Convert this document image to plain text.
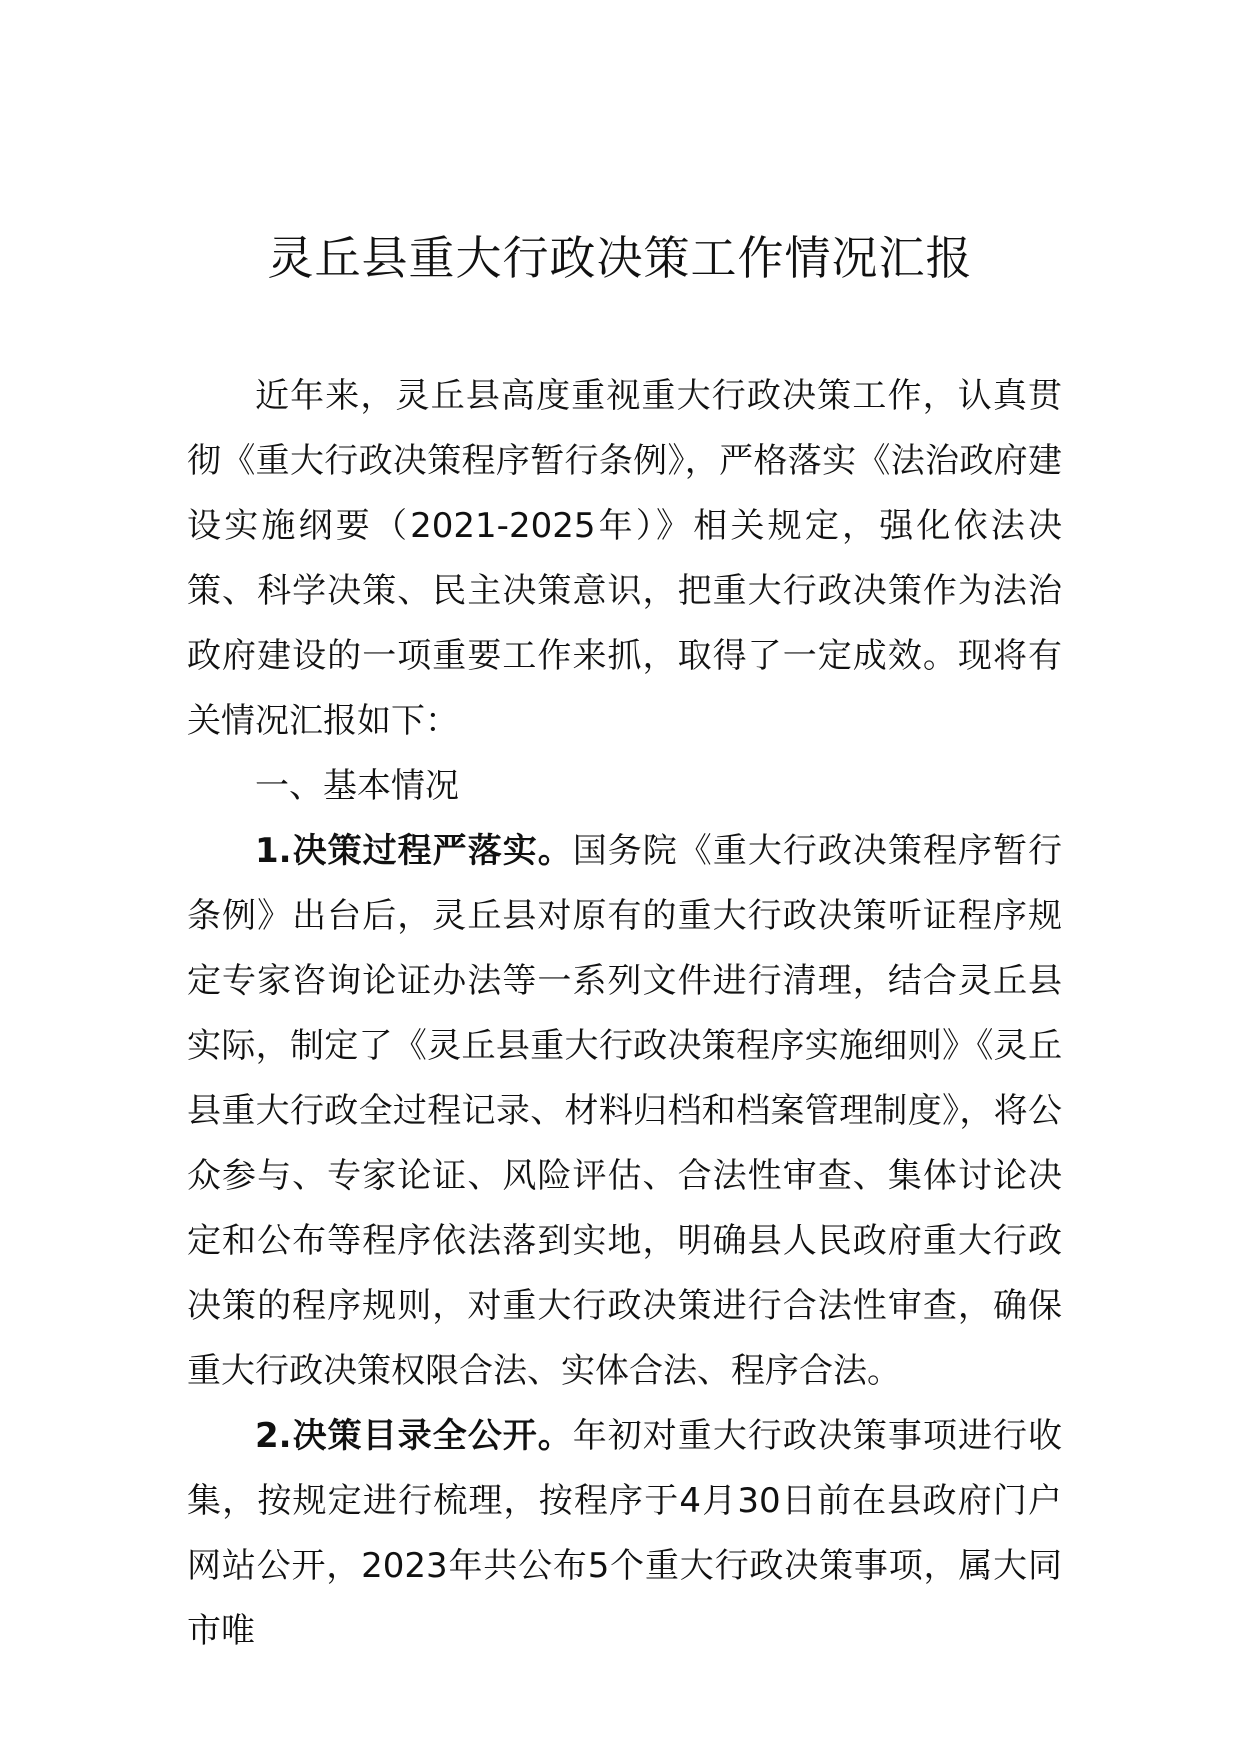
灵丘县重大行政决策工作情况汇报

近年来，灵丘县高度重视重大行政决策工作，认真贯彻《重大行政决策程序暂行条例》，严格落实《法治政府建设实施纲要（2021-2025年）》相关规定，强化依法决策、科学决策、民主决策意识，把重大行政决策作为法治政府建设的一项重要工作来抓，取得了一定成效。现将有关情况汇报如下：

一、基本情况

1.决策过程严落实。国务院《重大行政决策程序暂行条例》出台后，灵丘县对原有的重大行政决策听证程序规定专家咨询论证办法等一系列文件进行清理，结合灵丘县实际，制定了《灵丘县重大行政决策程序实施细则》《灵丘县重大行政全过程记录、材料归档和档案管理制度》，将公众参与、专家论证、风险评估、合法性审查、集体讨论决定和公布等程序依法落到实地，明确县人民政府重大行政决策的程序规则，对重大行政决策进行合法性审查，确保重大行政决策权限合法、实体合法、程序合法。

2.决策目录全公开。年初对重大行政决策事项进行收集，按规定进行梳理，按程序于4月30日前在县政府门户网站公开，2023年共公布5个重大行政决策事项，属大同市唯
